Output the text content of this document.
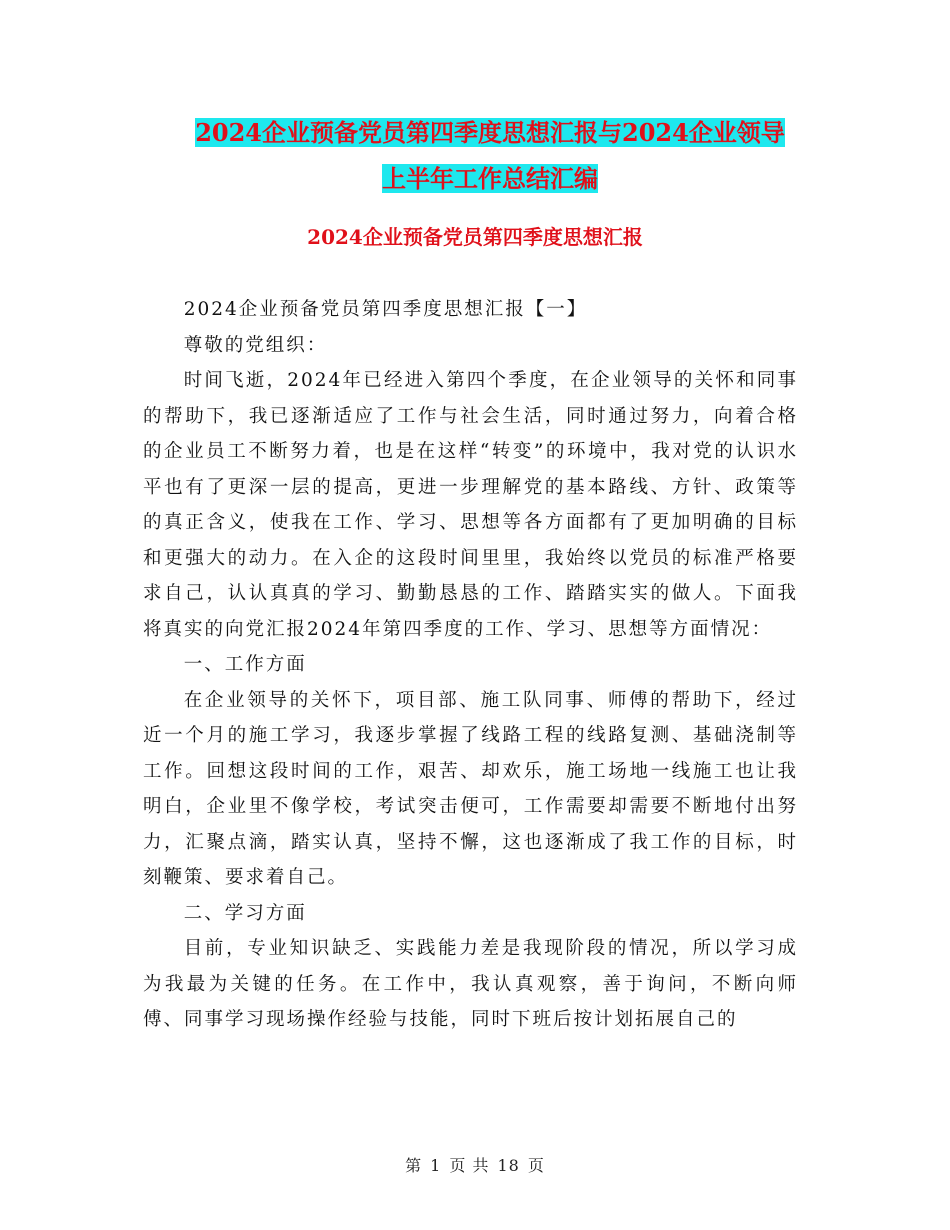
2024企业预备党员第四季度思想汇报与2024企业领导
上半年工作总结汇编
2024企业预备党员第四季度思想汇报

2024企业预备党员第四季度思想汇报【一】

尊敬的党组织：

时间飞逝，2024年已经进入第四个季度，在企业领导的关怀和同事的帮助下，我已逐渐适应了工作与社会生活，同时通过努力，向着合格的企业员工不断努力着，也是在这样“转变”的环境中，我对党的认识水平也有了更深一层的提高，更进一步理解党的基本路线、方针、政策等的真正含义，使我在工作、学习、思想等各方面都有了更加明确的目标和更强大的动力。在入企的这段时间里里，我始终以党员的标准严格要求自己，认认真真的学习、勤勤恳恳的工作、踏踏实实的做人。下面我将真实的向党汇报2024年第四季度的工作、学习、思想等方面情况：

一、工作方面

在企业领导的关怀下，项目部、施工队同事、师傅的帮助下，经过近一个月的施工学习，我逐步掌握了线路工程的线路复测、基础浇制等工作。回想这段时间的工作，艰苦、却欢乐，施工场地一线施工也让我明白，企业里不像学校，考试突击便可，工作需要却需要不断地付出努力，汇聚点滴，踏实认真，坚持不懈，这也逐渐成了我工作的目标，时刻鞭策、要求着自己。

二、学习方面

目前，专业知识缺乏、实践能力差是我现阶段的情况，所以学习成为我最为关键的任务。在工作中，我认真观察，善于询问，不断向师傅、同事学习现场操作经验与技能，同时下班后按计划拓展自己的

第 1 页 共 18 页
